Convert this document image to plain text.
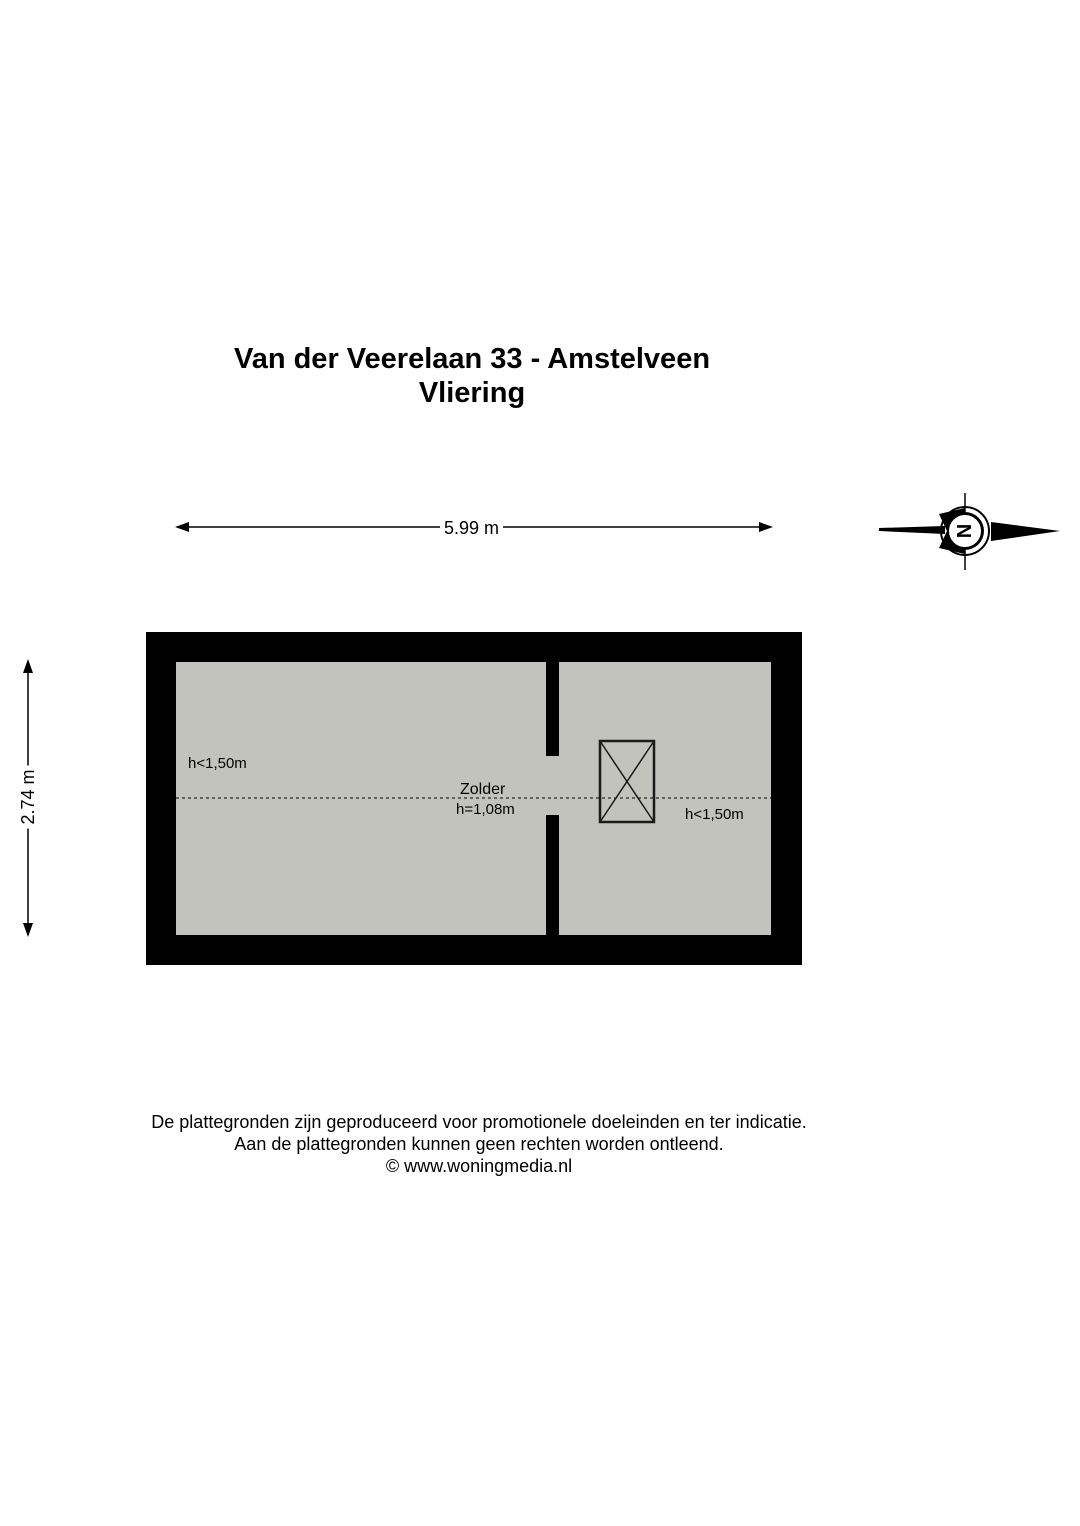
Van der Veerelaan 33 - Amstelveen
Vliering
N
5.99 m
2.74 m
h<1,50m
Zolder
h=1,08m	h<1,50m
De plattegronden zijn geproduceerd voor promotionele doeleinden en ter indicatie.
Aan de plattegronden kunnen geen rechten worden ontleend.
© www.woningmedia.nl
